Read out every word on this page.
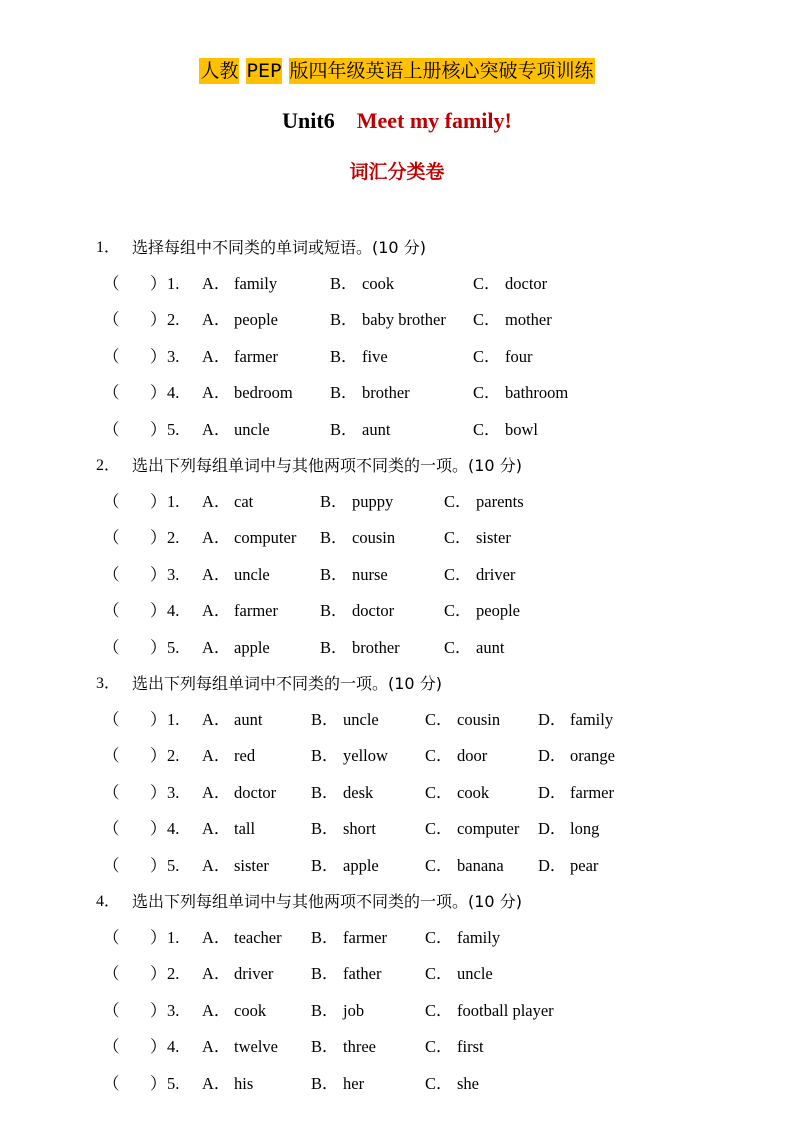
人教 PEP 版四年级英语上册核心突破专项训练
Unit6 Meet my family!
词汇分类卷
1． 选择每组中不同类的单词或短语。(10 分)
（ ） 1. A． family	B． cook	C． doctor
（ ） 2. A． people	B． baby brother C． mother
（ ） 3. A． farmer	B． five	C． four
（ ） 4. A． bedroom B． brother	C． bathroom
（ ） 5. A． uncle	B． aunt	C． bowl
2． 选出下列每组单词中与其他两项不同类的一项。(10 分)
（ ） 1. A． cat	B． puppy	C． parents
（ ） 2. A． computer B． cousin	C． sister
（ ） 3. A． uncle	B． nurse	C． driver
（ ） 4. A． farmer	B． doctor	C． people
（ ） 5. A． apple	B． brother	C． aunt
3． 选出下列每组单词中不同类的一项。(10 分)
（ ） 1. A． aunt	B． uncle	C． cousin D． family
（ ） 2. A． red	B． yellow C． door	D． orange
（ ） 3. A． doctor B． desk	C． cook	D． farmer
（ ） 4. A． tall	B． short	C． computer D． long
（ ） 5. A． sister	B． apple	C． banana D． pear
4． 选出下列每组单词中与其他两项不同类的一项。(10 分)
（ ） 1. A． teacher B． farmer C． family
（ ） 2. A． driver B． father	C． uncle
（ ） 3. A． cook	B． job	C． football player
（ ） 4. A． twelve B． three	C． first
（ ） 5. A． his	B． her	C． she
